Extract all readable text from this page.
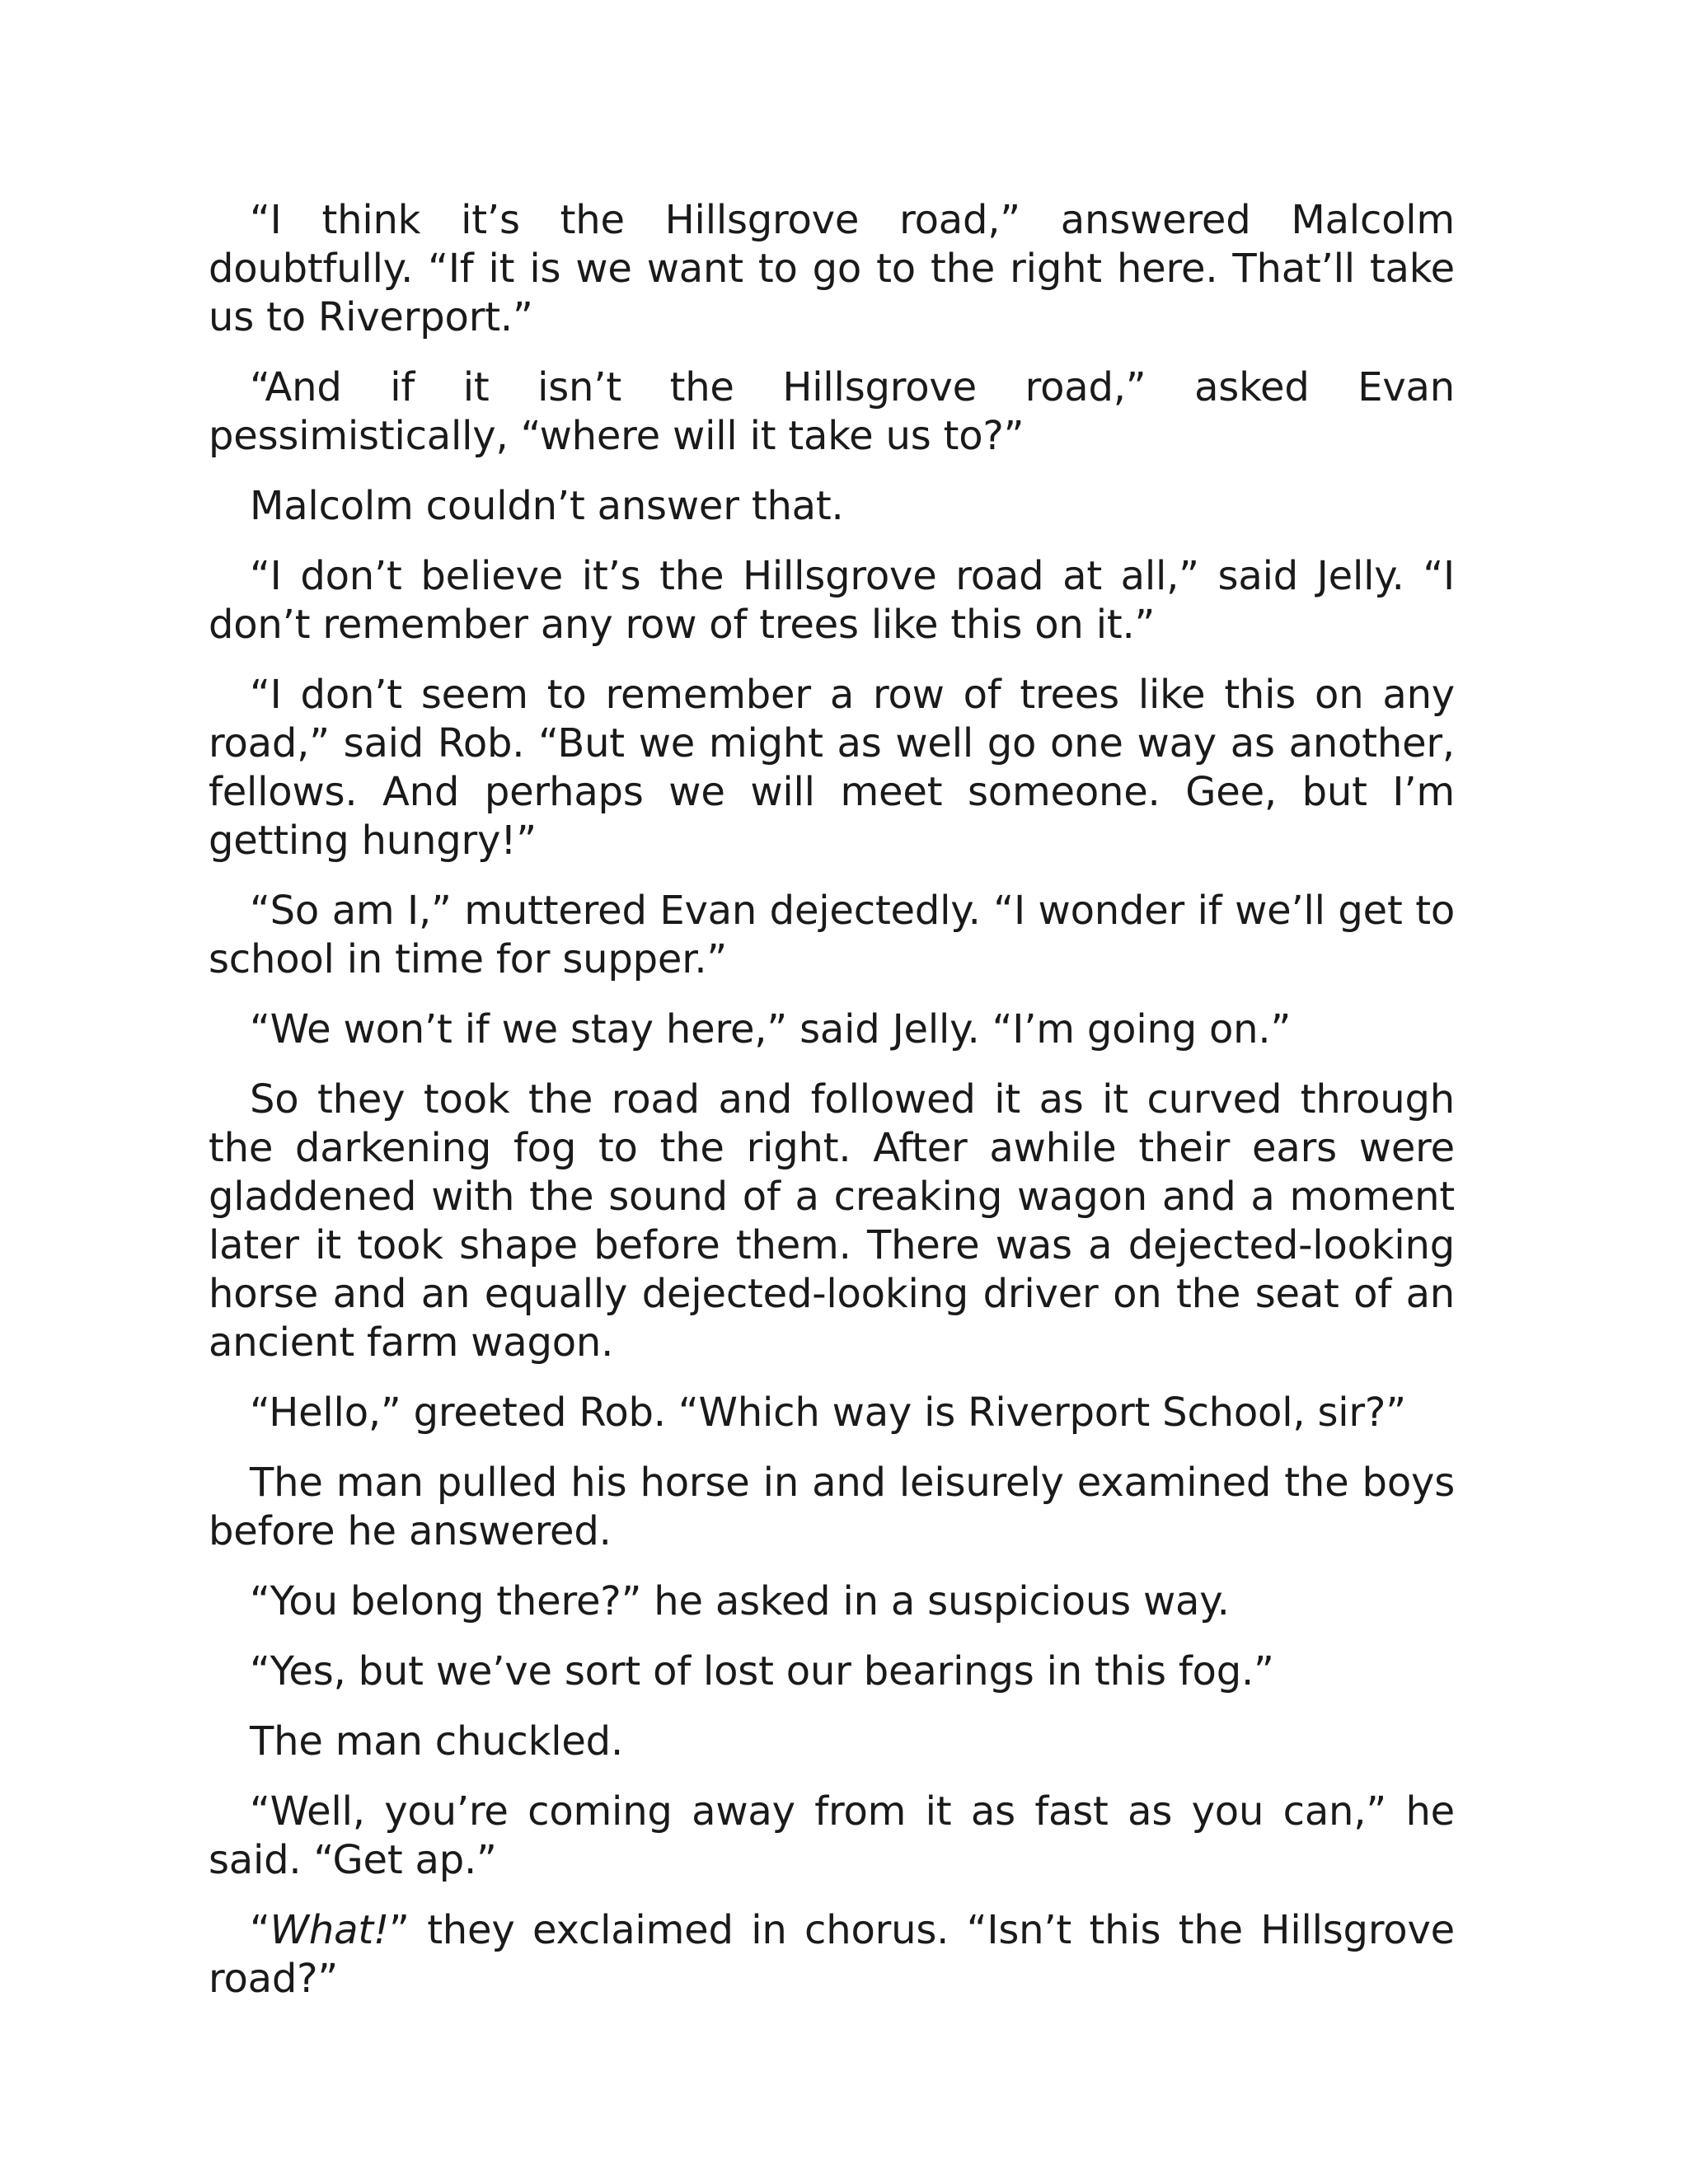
“I think it’s the Hillsgrove road,” answered Malcolm doubtfully. “If it is we want to go to the right here. That’ll take us to Riverport.”

“And if it isn’t the Hillsgrove road,” asked Evan pessimistically, “where will it take us to?”

Malcolm couldn’t answer that.

“I don’t believe it’s the Hillsgrove road at all,” said Jelly. “I don’t remember any row of trees like this on it.”

“I don’t seem to remember a row of trees like this on any road,” said Rob. “But we might as well go one way as another, fellows. And perhaps we will meet someone. Gee, but I’m getting hungry!”

“So am I,” muttered Evan dejectedly. “I wonder if we’ll get to school in time for supper.”

“We won’t if we stay here,” said Jelly. “I’m going on.”

So they took the road and followed it as it curved through the darkening fog to the right. After awhile their ears were gladdened with the sound of a creaking wagon and a moment later it took shape before them. There was a dejected-looking horse and an equally dejected-looking driver on the seat of an ancient farm wagon.

“Hello,” greeted Rob. “Which way is Riverport School, sir?”

The man pulled his horse in and leisurely examined the boys before he answered.

“You belong there?” he asked in a suspicious way.

“Yes, but we’ve sort of lost our bearings in this fog.”

The man chuckled.

“Well, you’re coming away from it as fast as you can,” he said. “Get ap.”

“What!” they exclaimed in chorus. “Isn’t this the Hillsgrove road?”
